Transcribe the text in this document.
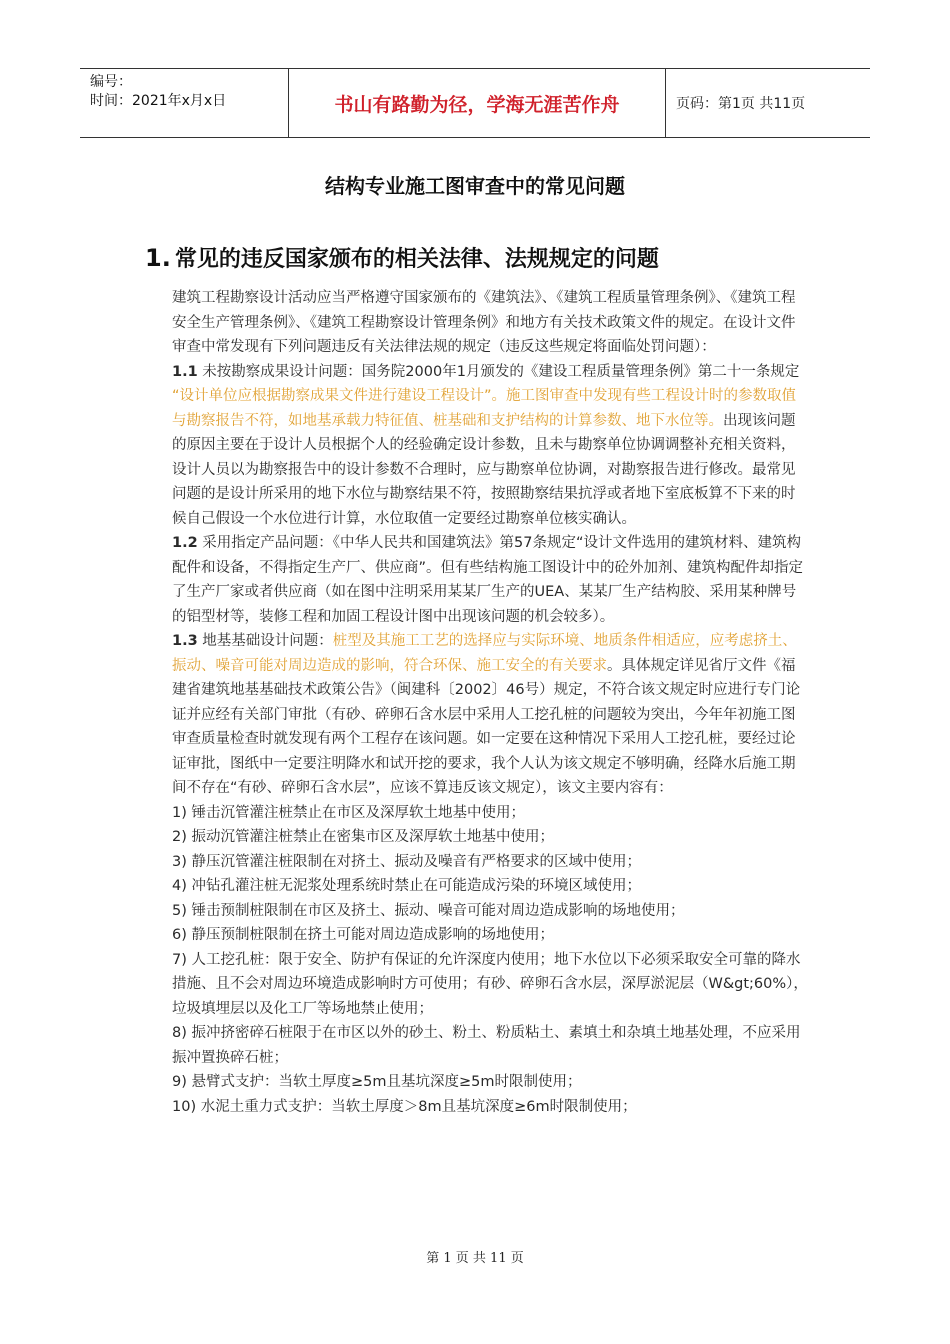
编号：
时间：2021年x月x日	书山有路勤为径，学海无涯苦作舟	页码：第1页 共11页
结构专业施工图审查中的常见问题
1. 常见的违反国家颁布的相关法律、法规规定的问题

建筑工程勘察设计活动应当严格遵守国家颁布的《建筑法》、《建筑工程质量管理条例》、《建筑工程安全生产管理条例》、《建筑工程勘察设计管理条例》和地方有关技术政策文件的规定。在设计文件审查中常发现有下列问题违反有关法律法规的规定（违反这些规定将面临处罚问题）：

1.1 未按勘察成果设计问题：国务院2000年1月颁发的《建设工程质量管理条例》第二十一条规定 “设计单位应根据勘察成果文件进行建设工程设计”。施工图审查中发现有些工程设计时的参数取值与勘察报告不符，如地基承载力特征值、桩基础和支护结构的计算参数、地下水位等。出现该问题的原因主要在于设计人员根据个人的经验确定设计参数，且未与勘察单位协调调整补充相关资料，设计人员以为勘察报告中的设计参数不合理时，应与勘察单位协调，对勘察报告进行修改。最常见问题的是设计所采用的地下水位与勘察结果不符，按照勘察结果抗浮或者地下室底板算不下来的时候自己假设一个水位进行计算，水位取值一定要经过勘察单位核实确认。

1.2 采用指定产品问题：《中华人民共和国建筑法》第57条规定“设计文件选用的建筑材料、建筑构配件和设备，不得指定生产厂、供应商”。但有些结构施工图设计中的砼外加剂、建筑构配件却指定了生产厂家或者供应商（如在图中注明采用某某厂生产的UEA、某某厂生产结构胶、采用某种牌号的铝型材等，装修工程和加固工程设计图中出现该问题的机会较多）。

1.3 地基基础设计问题：桩型及其施工工艺的选择应与实际环境、地质条件相适应，应考虑挤土、振动、噪音可能对周边造成的影响，符合环保、施工安全的有关要求。具体规定详见省厅文件《福建省建筑地基基础技术政策公告》（闽建科〔2002〕46号）规定，不符合该文规定时应进行专门论证并应经有关部门审批（有砂、碎卵石含水层中采用人工挖孔桩的问题较为突出，今年年初施工图审查质量检查时就发现有两个工程存在该问题。如一定要在这种情况下采用人工挖孔桩，要经过论证审批，图纸中一定要注明降水和试开挖的要求，我个人认为该文规定不够明确，经降水后施工期间不存在“有砂、碎卵石含水层”，应该不算违反该文规定），该文主要内容有：

1) 锤击沉管灌注桩禁止在市区及深厚软土地基中使用；

2) 振动沉管灌注桩禁止在密集市区及深厚软土地基中使用；

3) 静压沉管灌注桩限制在对挤土、振动及噪音有严格要求的区域中使用；

4) 冲钻孔灌注桩无泥浆处理系统时禁止在可能造成污染的环境区域使用；

5) 锤击预制桩限制在市区及挤土、振动、噪音可能对周边造成影响的场地使用；

6) 静压预制桩限制在挤土可能对周边造成影响的场地使用；

7) 人工挖孔桩：限于安全、防护有保证的允许深度内使用；地下水位以下必须采取安全可靠的降水措施、且不会对周边环境造成影响时方可使用；有砂、碎卵石含水层，深厚淤泥层（W&gt;60%），垃圾填埋层以及化工厂等场地禁止使用；

8) 振冲挤密碎石桩限于在市区以外的砂土、粉土、粉质粘土、素填土和杂填土地基处理，不应采用振冲置换碎石桩；

9) 悬臂式支护：当软土厚度≥5m且基坑深度≥5m时限制使用；

10) 水泥土重力式支护：当软土厚度＞8m且基坑深度≥6m时限制使用；

第 1 页 共 11 页
